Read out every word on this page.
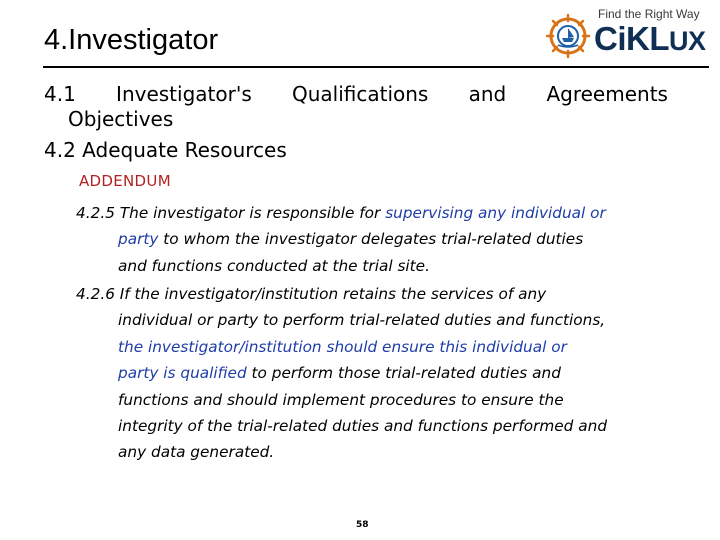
4.Investigator
Find the Right Way
CiKLUX
4.1 Investigator's Qualifications and Agreements
Objectives
4.2 Adequate Resources
ADDENDUM
4.2.5 The investigator is responsible for supervising any individual or
party to whom the investigator delegates trial-related duties
and functions conducted at the trial site.
4.2.6 If the investigator/institution retains the services of any
individual or party to perform trial-related duties and functions,
the investigator/institution should ensure this individual or
party is qualified to perform those trial-related duties and
functions and should implement procedures to ensure the
integrity of the trial-related duties and functions performed and
any data generated.
58
